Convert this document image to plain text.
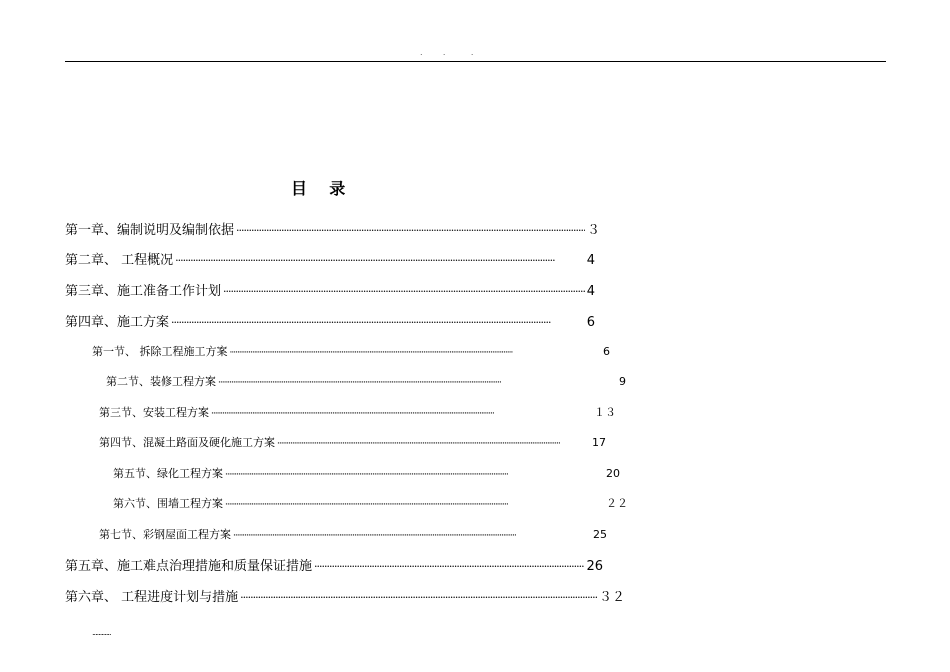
.        .          .
目    录
第一章、编制说明及编制依据 ·····	３
第二章、 工程概况 ·····	4
第三章、施工准备工作计划 ·····	4
第四章、施工方案 ·····	6
第一节、 拆除工程施工方案 ·····	6
第二节、装修工程方案 ·····	9
第三节、安装工程方案 ·····	１３
第四节、混凝土路面及硬化施工方案 ·····	17
第五节、绿化工程方案 ·····	20
第六节、围墙工程方案 ·····	２２
第七节、彩钢屋面工程方案 ·····	25
第五章、施工难点治理措施和质量保证措施 ·····	26
第六章、 工程进度计划与措施 ·····	３２
............
